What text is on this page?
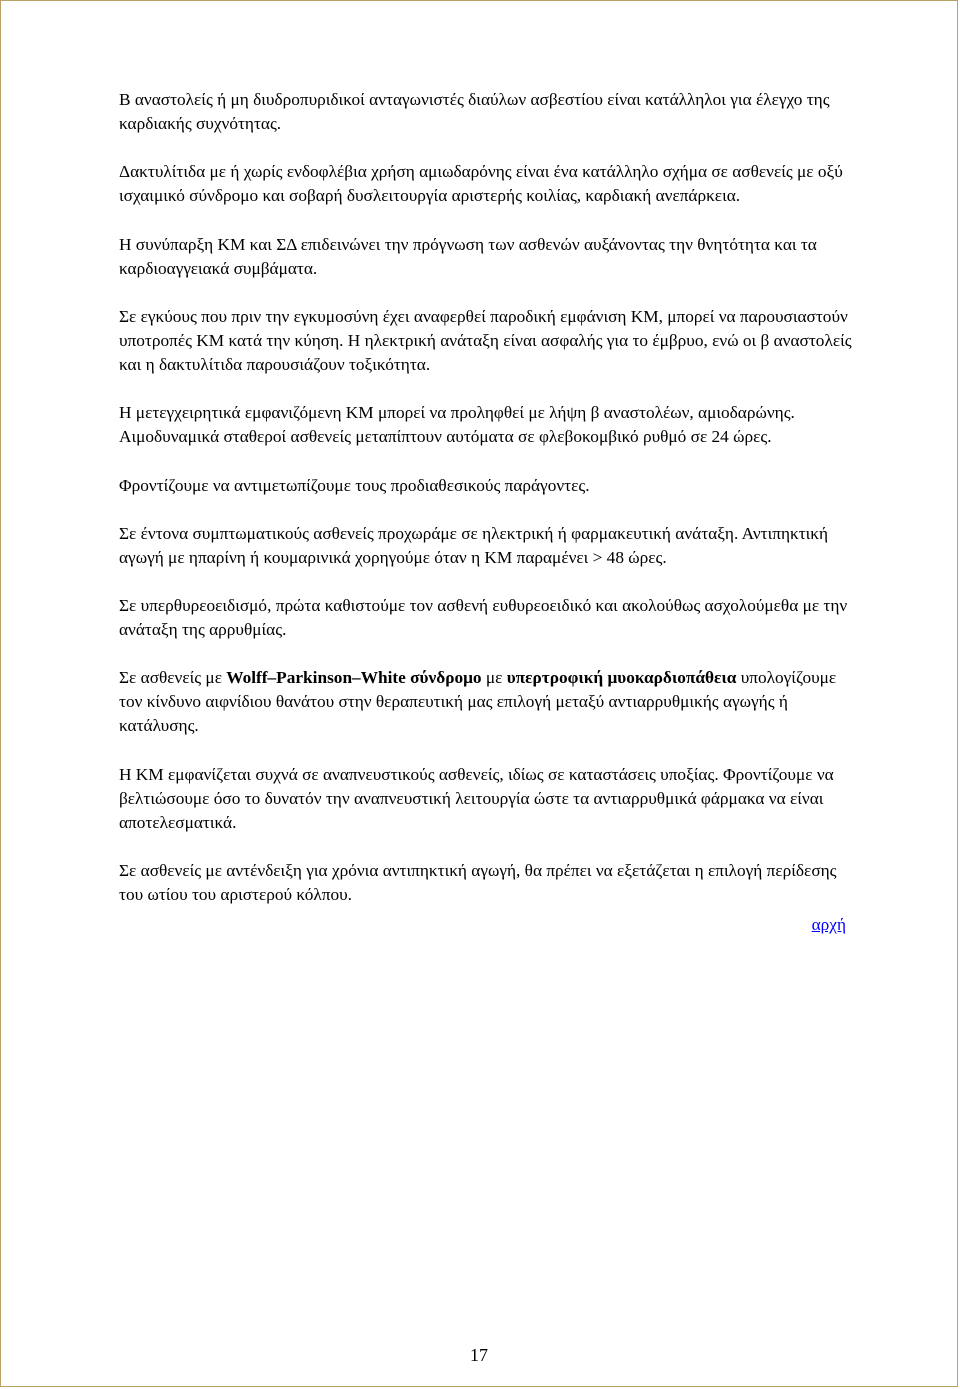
Β αναστολείς ή μη διυδροπυριδικοί ανταγωνιστές διαύλων ασβεστίου είναι κατάλληλοι για έλεγχο της καρδιακής συχνότητας.

Δακτυλίτιδα με ή χωρίς ενδοφλέβια χρήση αμιωδαρόνης είναι ένα κατάλληλο σχήμα σε ασθενείς με οξύ ισχαιμικό σύνδρομο και σοβαρή δυσλειτουργία αριστερής κοιλίας, καρδιακή ανεπάρκεια.

Η συνύπαρξη ΚΜ και ΣΔ επιδεινώνει την πρόγνωση των ασθενών αυξάνοντας την θνητότητα και τα καρδιοαγγειακά συμβάματα.

Σε εγκύους που πριν την εγκυμοσύνη έχει αναφερθεί παροδική εμφάνιση ΚΜ, μπορεί να παρουσιαστούν υποτροπές ΚΜ κατά την κύηση. Η ηλεκτρική ανάταξη είναι ασφαλής για το έμβρυο, ενώ οι β αναστολείς και η δακτυλίτιδα παρουσιάζουν τοξικότητα.

Η μετεγχειρητικά εμφανιζόμενη ΚΜ μπορεί να προληφθεί με λήψη β αναστολέων, αμιοδαρώνης. Αιμοδυναμικά σταθεροί ασθενείς μεταπίπτουν αυτόματα σε φλεβοκομβικό ρυθμό σε 24 ώρες.

Φροντίζουμε να αντιμετωπίζουμε τους προδιαθεσικούς παράγοντες.

Σε έντονα συμπτωματικούς ασθενείς προχωράμε σε ηλεκτρική ή φαρμακευτική ανάταξη. Αντιπηκτική αγωγή με ηπαρίνη ή κουμαρινικά χορηγούμε όταν η ΚΜ παραμένει > 48 ώρες.

Σε υπερθυρεοειδισμό, πρώτα καθιστούμε τον ασθενή ευθυρεοειδικό και ακολούθως ασχολούμεθα με την ανάταξη της αρρυθμίας.

Σε ασθενείς με Wolff–Parkinson–White σύνδρομο με υπερτροφική μυοκαρδιοπάθεια υπολογίζουμε τον κίνδυνο αιφνίδιου θανάτου στην θεραπευτική μας επιλογή μεταξύ αντιαρρυθμικής αγωγής ή κατάλυσης.

Η ΚΜ εμφανίζεται συχνά σε αναπνευστικούς ασθενείς, ιδίως σε καταστάσεις υποξίας. Φροντίζουμε να βελτιώσουμε όσο το δυνατόν την αναπνευστική λειτουργία ώστε τα αντιαρρυθμικά φάρμακα να είναι αποτελεσματικά.

Σε ασθενείς με αντένδειξη για χρόνια αντιπηκτική αγωγή, θα πρέπει να εξετάζεται η επιλογή περίδεσης του ωτίου του αριστερού κόλπου.

αρχή
17
